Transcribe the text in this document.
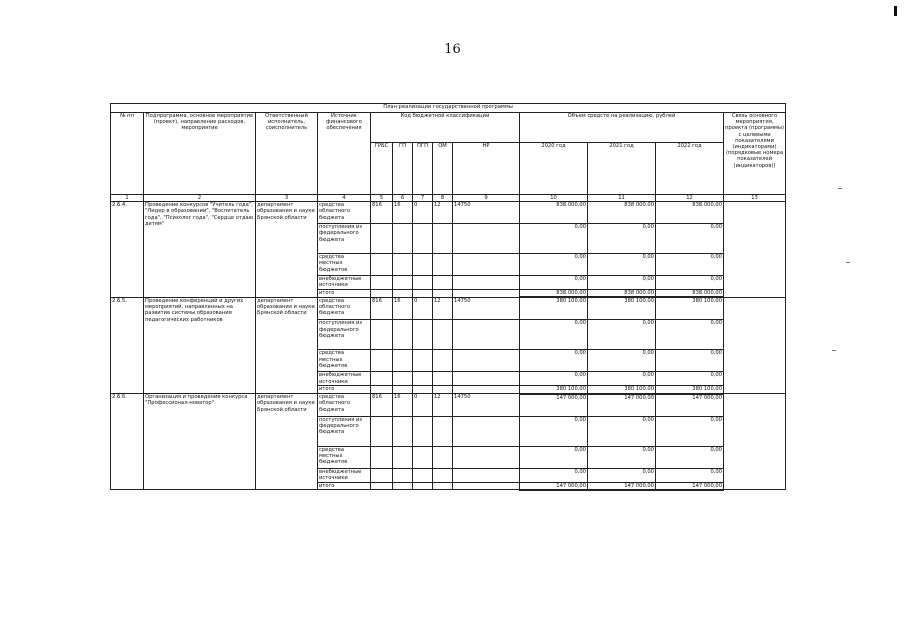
16
План реализации государственной программы												
№ пп	Подпрограмма, основное мероприятие (проект), направление расходов, мероприятие	Ответственный исполнитель, соисполнитель	Источник финансового обеспечения	Код бюджетной классификации					Объем средств на реализацию, рублей			Связь основного мероприятия, проекта (программы) с целевыми показателями (индикаторами) (порядковые номера показателей (индикаторов))
				ГРБС	ГП	ПГП	ОМ	НР	2020 год	2021 год	2022 год	
1	2	3	4	5	6	7	8	9	10	11	12	13
2.6.4.	Проведение конкурсов "Учитель года", "Лидер в образовании", "Воспитатель года", "Психолог года", "Сердце отдаю детям"	департамент образования и науки Брянской области	средства областного бюджета	816	16	0	12	14750	838 000,00	838 000,00	838 000,00	
			поступления из федерального бюджета						0,00	0,00	0,00	
			средства местных бюджетов						0,00	0,00	0,00	
			внебюджетные источники						0,00	0,00	0,00	
			итого						838 000,00	838 000,00	838 000,00	
2.6.5.	Проведение конференций и других мероприятий, направленных на развитие системы образования педагогических работников	департамент образования и науки Брянской области	средства областного бюджета	816	16	0	12	14750	380 100,00	380 100,00	380 100,00	
			поступления из федерального бюджета						0,00	0,00	0,00	
			средства местных бюджетов						0,00	0,00	0,00	
			внебюджетные источники						0,00	0,00	0,00	
			итого						380 100,00	380 100,00	380 100,00	
2.6.6.	Организация и проведение конкурса "Профессионал-новатор"	департамент образования и науки Брянской области	средства областного бюджета	816	16	0	12	14750	147 000,00	147 000,00	147 000,00	
			поступления из федерального бюджета						0,00	0,00	0,00	
			средства местных бюджетов						0,00	0,00	0,00	
			внебюджетные источники						0,00	0,00	0,00	
			итого						147 000,00	147 000,00	147 000,00	
